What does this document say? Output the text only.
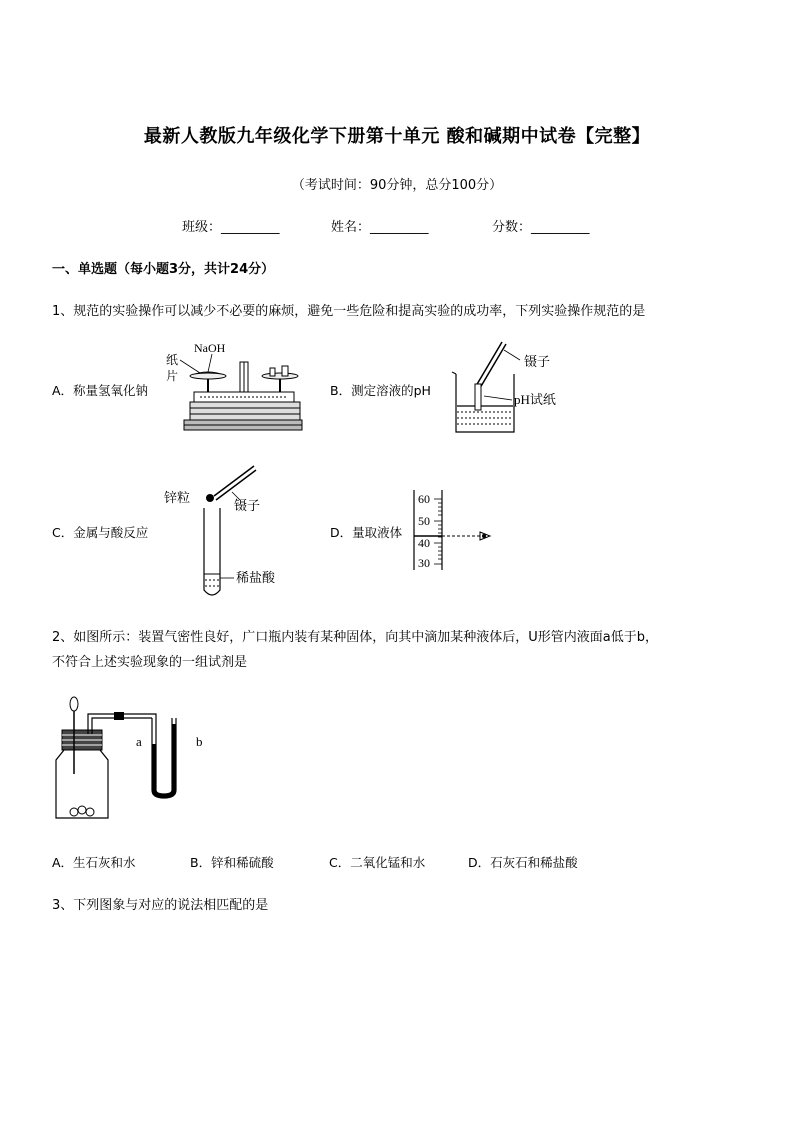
最新人教版九年级化学下册第十单元 酸和碱期中试卷【完整】
（考试时间：90分钟，总分100分）
班级：_________	姓名：_________	分数：_________
一、单选题（每小题3分，共计24分）
1、规范的实验操作可以减少不必要的麻烦，避免一些危险和提高实验的成功率，下列实验操作规范的是
A．称量氢氧化钠	B．测定溶液的pH
C．金属与酸反应	D．量取液体
NaOH
纸
片
镊子
pH试纸
锌粒
镊子
稀盐酸
60
50
40
30
2、如图所示：装置气密性良好，广口瓶内装有某种固体，向其中滴加某种液体后，U形管内液面a低于b，
不符合上述实验现象的一组试剂是
a	b
A．生石灰和水	B．锌和稀硫酸	C．二氧化锰和水	D．石灰石和稀盐酸
3、下列图象与对应的说法相匹配的是
